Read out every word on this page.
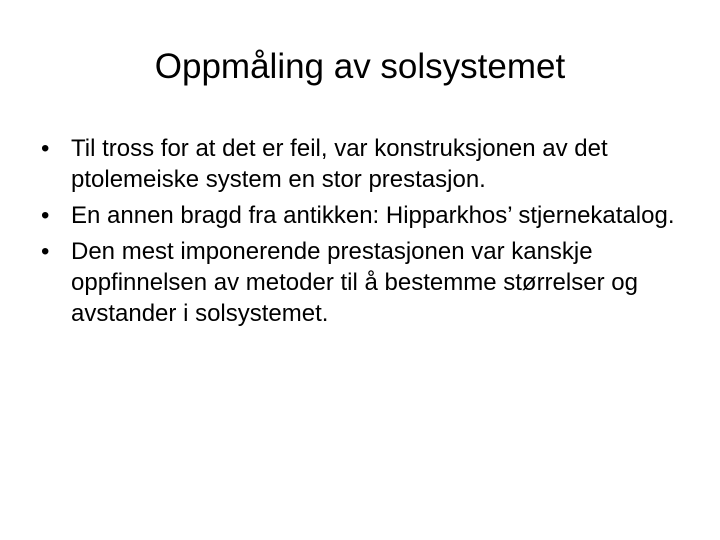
Oppmåling av solsystemet
• Til tross for at det er feil, var konstruksjonen av det ptolemeiske system en stor prestasjon.
• En annen bragd fra antikken: Hipparkhos’ stjernekatalog.
• Den mest imponerende prestasjonen var kanskje oppfinnelsen av metoder til å bestemme størrelser og avstander i solsystemet.
